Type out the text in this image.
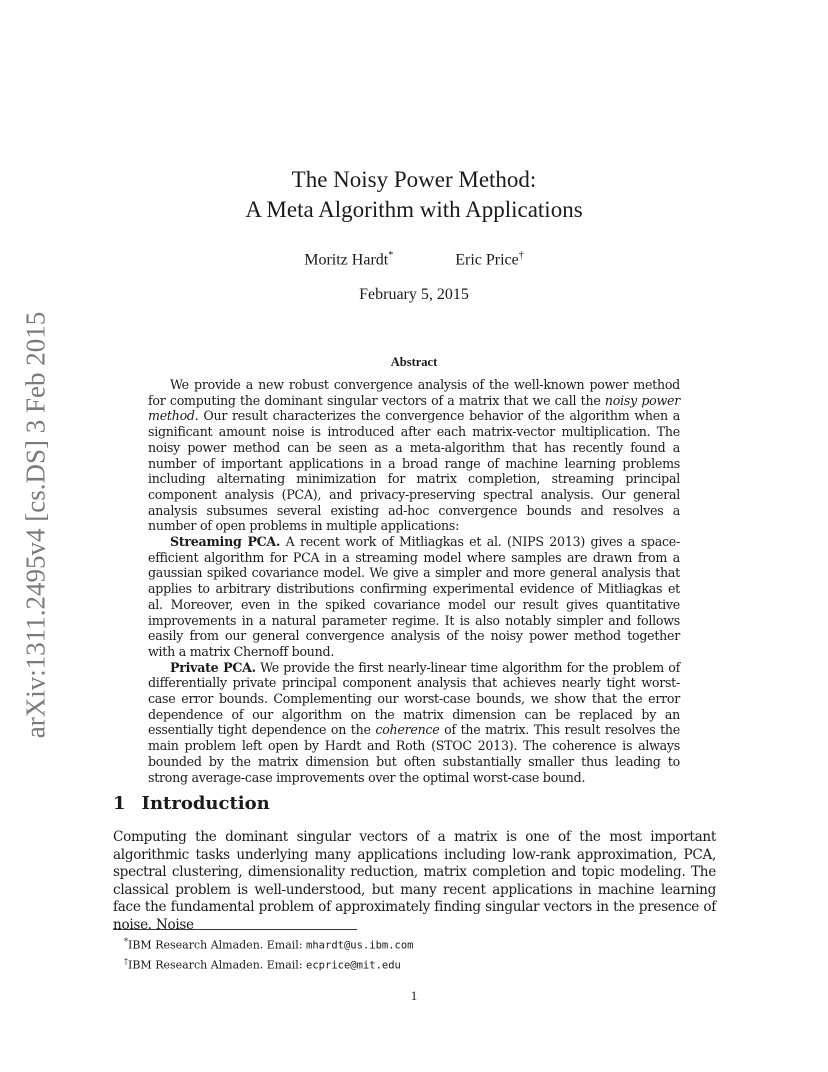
arXiv:1311.2495v4 [cs.DS] 3 Feb 2015
The Noisy Power Method:
A Meta Algorithm with Applications
Moritz Hardt*	Eric Price†
February 5, 2015
Abstract

We provide a new robust convergence analysis of the well-known power method for computing the dominant singular vectors of a matrix that we call the noisy power method. Our result characterizes the convergence behavior of the algorithm when a significant amount noise is introduced after each matrix-vector multiplication. The noisy power method can be seen as a meta-algorithm that has recently found a number of important applications in a broad range of machine learning problems including alternating minimization for matrix completion, streaming principal component analysis (PCA), and privacy-preserving spectral analysis. Our general analysis subsumes several existing ad-hoc convergence bounds and resolves a number of open problems in multiple applications:

Streaming PCA. A recent work of Mitliagkas et al. (NIPS 2013) gives a space-efficient algorithm for PCA in a streaming model where samples are drawn from a gaussian spiked covariance model. We give a simpler and more general analysis that applies to arbitrary distributions confirming experimental evidence of Mitliagkas et al. Moreover, even in the spiked covariance model our result gives quantitative improvements in a natural parameter regime. It is also notably simpler and follows easily from our general convergence analysis of the noisy power method together with a matrix Chernoff bound.

Private PCA. We provide the first nearly-linear time algorithm for the problem of differentially private principal component analysis that achieves nearly tight worst-case error bounds. Complementing our worst-case bounds, we show that the error dependence of our algorithm on the matrix dimension can be replaced by an essentially tight dependence on the coherence of the matrix. This result resolves the main problem left open by Hardt and Roth (STOC 2013). The coherence is always bounded by the matrix dimension but often substantially smaller thus leading to strong average-case improvements over the optimal worst-case bound.

1 Introduction

Computing the dominant singular vectors of a matrix is one of the most important algorithmic tasks underlying many applications including low-rank approximation, PCA, spectral clustering, dimensionality reduction, matrix completion and topic modeling. The classical problem is well-understood, but many recent applications in machine learning face the fundamental problem of approximately finding singular vectors in the presence of noise. Noise

*IBM Research Almaden. Email: mhardt@us.ibm.com
†IBM Research Almaden. Email: ecprice@mit.edu
1
